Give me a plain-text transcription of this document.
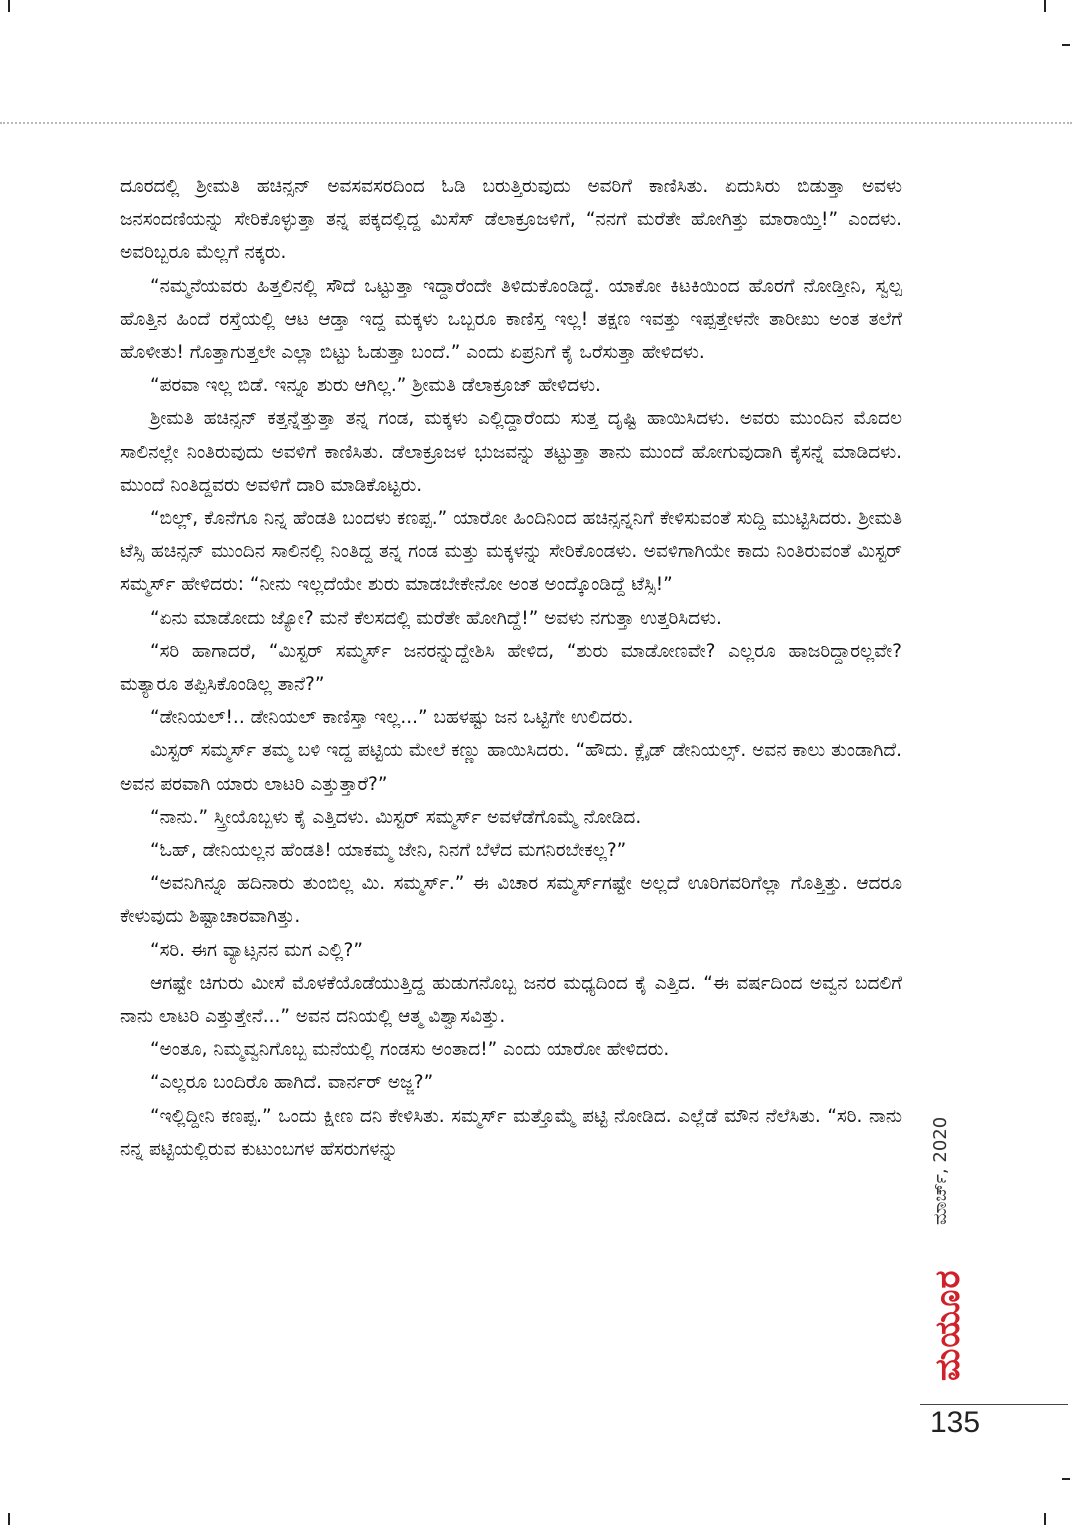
ದೂರದಲ್ಲಿ ಶ್ರೀಮತಿ ಹಚಿನ್ಸನ್ ಅವಸವಸರದಿಂದ ಓಡಿ ಬರುತ್ತಿರುವುದು ಅವರಿಗೆ ಕಾಣಿಸಿತು. ಏದುಸಿರು ಬಿಡುತ್ತಾ ಅವಳು ಜನಸಂದಣಿಯನ್ನು ಸೇರಿಕೊಳ್ಳುತ್ತಾ ತನ್ನ ಪಕ್ಕದಲ್ಲಿದ್ದ ಮಿಸೆಸ್ ಡೆಲಾಕ್ರೂಜಳಿಗೆ, “ನನಗೆ ಮರೆತೇ ಹೋಗಿತ್ತು ಮಾರಾಯ್ತಿ!” ಎಂದಳು. ಅವರಿಬ್ಬರೂ ಮೆಲ್ಲಗೆ ನಕ್ಕರು.

“ನಮ್ಮನೆಯವರು ಹಿತ್ತಲಿನಲ್ಲಿ ಸೌದೆ ಒಟ್ಟುತ್ತಾ ಇದ್ದಾರೆಂದೇ ತಿಳಿದುಕೊಂಡಿದ್ದೆ. ಯಾಕೋ ಕಿಟಕಿಯಿಂದ ಹೊರಗೆ ನೋಡ್ತೀನಿ, ಸ್ವಲ್ಪ ಹೊತ್ತಿನ ಹಿಂದೆ ರಸ್ತೆಯಲ್ಲಿ ಆಟ ಆಡ್ತಾ ಇದ್ದ ಮಕ್ಕಳು ಒಬ್ಬರೂ ಕಾಣಿಸ್ತ ಇಲ್ಲ! ತಕ್ಷಣ ಇವತ್ತು ಇಪ್ಪತ್ತೇಳನೇ ತಾರೀಖು ಅಂತ ತಲೆಗೆ ಹೊಳೀತು! ಗೊತ್ತಾಗುತ್ತಲೇ ಎಲ್ಲಾ ಬಿಟ್ಟು ಓಡುತ್ತಾ ಬಂದೆ.” ಎಂದು ಏಪ್ರನಿಗೆ ಕೈ ಒರೆಸುತ್ತಾ ಹೇಳಿದಳು.

“ಪರವಾ ಇಲ್ಲ ಬಿಡೆ. ಇನ್ನೂ ಶುರು ಆಗಿಲ್ಲ.” ಶ್ರೀಮತಿ ಡೆಲಾಕ್ರೂಜ್ ಹೇಳಿದಳು.

ಶ್ರೀಮತಿ ಹಚಿನ್ಸನ್ ಕತ್ತನ್ನೆತ್ತುತ್ತಾ ತನ್ನ ಗಂಡ, ಮಕ್ಕಳು ಎಲ್ಲಿದ್ದಾರೆಂದು ಸುತ್ತ ದೃಷ್ಟಿ ಹಾಯಿಸಿದಳು. ಅವರು ಮುಂದಿನ ಮೊದಲ ಸಾಲಿನಲ್ಲೇ ನಿಂತಿರುವುದು ಅವಳಿಗೆ ಕಾಣಿಸಿತು. ಡೆಲಾಕ್ರೂಜಳ ಭುಜವನ್ನು ತಟ್ಟುತ್ತಾ ತಾನು ಮುಂದೆ ಹೋಗುವುದಾಗಿ ಕೈಸನ್ನೆ ಮಾಡಿದಳು. ಮುಂದೆ ನಿಂತಿದ್ದವರು ಅವಳಿಗೆ ದಾರಿ ಮಾಡಿಕೊಟ್ಟರು.

“ಬಿಲ್ಲ್, ಕೊನೆಗೂ ನಿನ್ನ ಹೆಂಡತಿ ಬಂದಳು ಕಣಪ್ಪ.” ಯಾರೋ ಹಿಂದಿನಿಂದ ಹಚಿನ್ಸನ್ನನಿಗೆ ಕೇಳಿಸುವಂತೆ ಸುದ್ದಿ ಮುಟ್ಟಿಸಿದರು. ಶ್ರೀಮತಿ ಟೆಸ್ಸಿ ಹಚಿನ್ಸನ್ ಮುಂದಿನ ಸಾಲಿನಲ್ಲಿ ನಿಂತಿದ್ದ ತನ್ನ ಗಂಡ ಮತ್ತು ಮಕ್ಕಳನ್ನು ಸೇರಿಕೊಂಡಳು. ಅವಳಿಗಾಗಿಯೇ ಕಾದು ನಿಂತಿರುವಂತೆ ಮಿಸ್ಟರ್ ಸಮ್ಮರ್ಸ್ ಹೇಳಿದರು: “ನೀನು ಇಲ್ಲದೆಯೇ ಶುರು ಮಾಡಬೇಕೇನೋ ಅಂತ ಅಂದ್ಕೊಂಡಿದ್ದೆ ಟೆಸ್ಸಿ!”

“ಏನು ಮಾಡೋದು ಜ್ಯೋ? ಮನೆ ಕೆಲಸದಲ್ಲಿ ಮರೆತೇ ಹೋಗಿದ್ದೆ!” ಅವಳು ನಗುತ್ತಾ ಉತ್ತರಿಸಿದಳು.

“ಸರಿ ಹಾಗಾದರೆ, “ಮಿಸ್ಟರ್ ಸಮ್ಮರ್ಸ್ ಜನರನ್ನುದ್ದೇಶಿಸಿ ಹೇಳಿದ, “ಶುರು ಮಾಡೋಣವೇ? ಎಲ್ಲರೂ ಹಾಜರಿದ್ದಾರಲ್ಲವೇ? ಮತ್ಯಾರೂ ತಪ್ಪಿಸಿಕೊಂಡಿಲ್ಲ ತಾನೆ?”

“ಡೇನಿಯಲ್!.. ಡೇನಿಯಲ್ ಕಾಣಿಸ್ತಾ ಇಲ್ಲ...” ಬಹಳಷ್ಟು ಜನ ಒಟ್ಟಿಗೇ ಉಲಿದರು.

ಮಿಸ್ಟರ್ ಸಮ್ಮರ್ಸ್ ತಮ್ಮ ಬಳಿ ಇದ್ದ ಪಟ್ಟಿಯ ಮೇಲೆ ಕಣ್ಣು ಹಾಯಿಸಿದರು. “ಹೌದು. ಕ್ಲೈಡ್ ಡೇನಿಯಲ್ಸ್. ಅವನ ಕಾಲು ತುಂಡಾಗಿದೆ. ಅವನ ಪರವಾಗಿ ಯಾರು ಲಾಟರಿ ಎತ್ತುತ್ತಾರೆ?”

“ನಾನು.” ಸ್ತ್ರೀಯೊಬ್ಬಳು ಕೈ ಎತ್ತಿದಳು. ಮಿಸ್ಟರ್ ಸಮ್ಮರ್ಸ್ ಅವಳೆಡೆಗೊಮ್ಮೆ ನೋಡಿದ.

“ಓಹ್, ಡೇನಿಯಲ್ಲನ ಹೆಂಡತಿ! ಯಾಕಮ್ಮ ಜೇನಿ, ನಿನಗೆ ಬೆಳೆದ ಮಗನಿರಬೇಕಲ್ಲ?”

“ಅವನಿಗಿನ್ನೂ ಹದಿನಾರು ತುಂಬಿಲ್ಲ ಮಿ. ಸಮ್ಮರ್ಸ್.” ಈ ವಿಚಾರ ಸಮ್ಮರ್ಸ್‌ಗಷ್ಟೇ ಅಲ್ಲದೆ ಊರಿಗವರಿಗೆಲ್ಲಾ ಗೊತ್ತಿತ್ತು. ಆದರೂ ಕೇಳುವುದು ಶಿಷ್ಟಾಚಾರವಾಗಿತ್ತು.

“ಸರಿ. ಈಗ ವ್ಯಾಟ್ಸನನ ಮಗ ಎಲ್ಲಿ?”

ಆಗಷ್ಟೇ ಚಿಗುರು ಮೀಸೆ ಮೊಳಕೆಯೊಡೆಯುತ್ತಿದ್ದ ಹುಡುಗನೊಬ್ಬ ಜನರ ಮಧ್ಯದಿಂದ ಕೈ ಎತ್ತಿದ. “ಈ ವರ್ಷದಿಂದ ಅವ್ವನ ಬದಲಿಗೆ ನಾನು ಲಾಟರಿ ಎತ್ತುತ್ತೇನೆ...” ಅವನ ದನಿಯಲ್ಲಿ ಆತ್ಮ ವಿಶ್ವಾಸವಿತ್ತು.

“ಅಂತೂ, ನಿಮ್ಮವ್ವನಿಗೊಬ್ಬ ಮನೆಯಲ್ಲಿ ಗಂಡಸು ಅಂತಾದ!” ಎಂದು ಯಾರೋ ಹೇಳಿದರು.

“ಎಲ್ಲರೂ ಬಂದಿರೊ ಹಾಗಿದೆ. ವಾರ್ನರ್ ಅಜ್ಜ?”

“ಇಲ್ಲಿದ್ದೀನಿ ಕಣಪ್ಪ.” ಒಂದು ಕ್ಷೀಣ ದನಿ ಕೇಳಿಸಿತು. ಸಮ್ಮರ್ಸ್ ಮತ್ತೊಮ್ಮೆ ಪಟ್ಟಿ ನೋಡಿದ. ಎಲ್ಲೆಡೆ ಮೌನ ನೆಲೆಸಿತು. “ಸರಿ. ನಾನು ನನ್ನ ಪಟ್ಟಿಯಲ್ಲಿರುವ ಕುಟುಂಬಗಳ ಹೆಸರುಗಳನ್ನು	ಮಾರ್ಚ್, 2020
ಮಯೂರ
135
